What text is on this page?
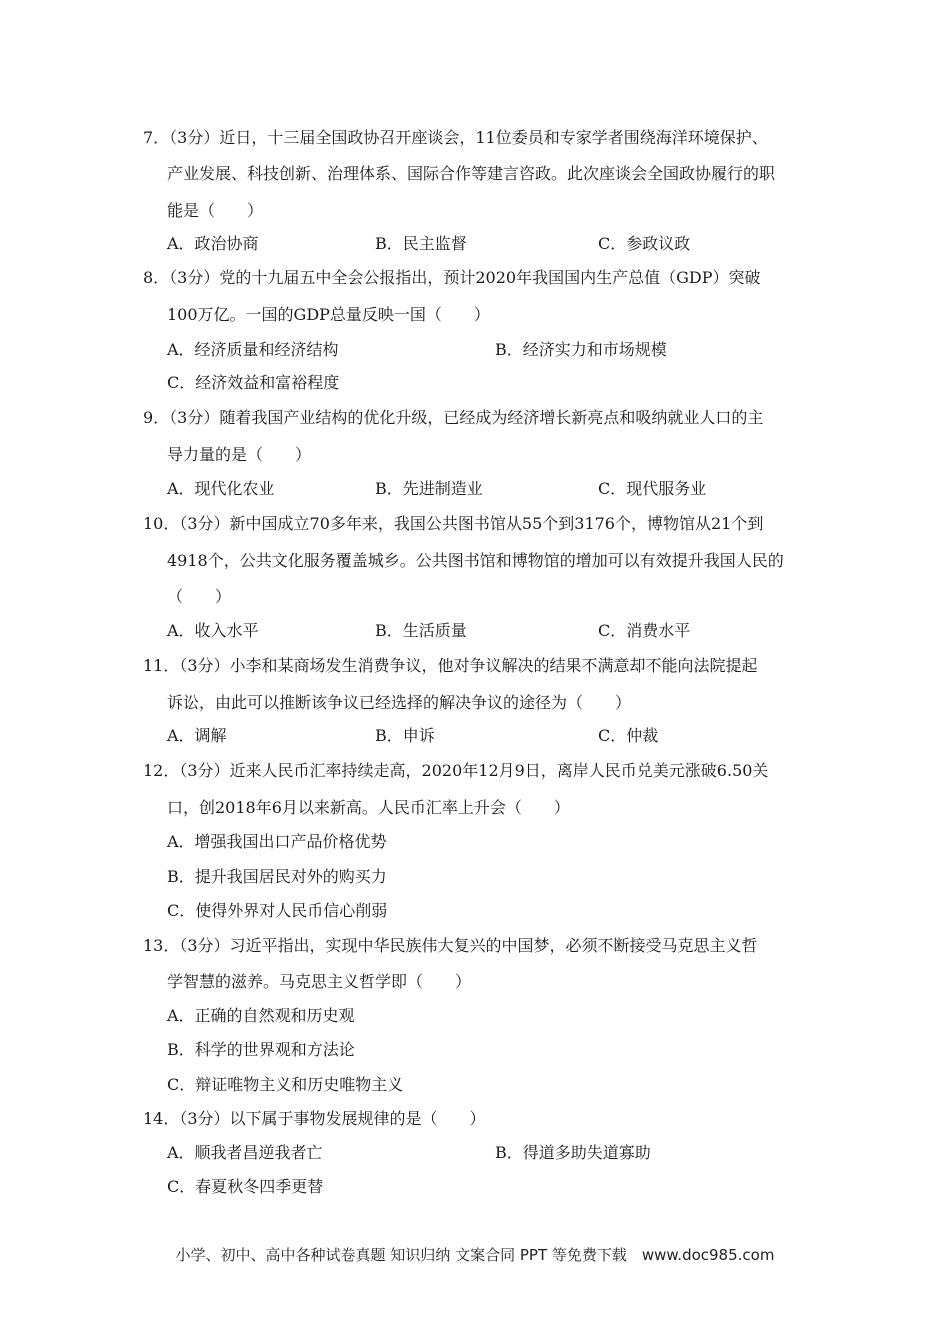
7．（3分）近日，十三届全国政协召开座谈会，11位委员和专家学者围绕海洋环境保护、
产业发展、科技创新、治理体系、国际合作等建言咨政。此次座谈会全国政协履行的职
能是（　　）
A．政治协商	B．民主监督	C．参政议政
8．（3分）党的十九届五中全会公报指出，预计2020年我国国内生产总值（GDP）突破
100万亿。一国的GDP总量反映一国（　　）
A．经济质量和经济结构	B．经济实力和市场规模
C．经济效益和富裕程度
9．（3分）随着我国产业结构的优化升级，已经成为经济增长新亮点和吸纳就业人口的主
导力量的是（　　）
A．现代化农业	B．先进制造业	C．现代服务业
10．（3分）新中国成立70多年来，我国公共图书馆从55个到3176个，博物馆从21个到
4918个，公共文化服务覆盖城乡。公共图书馆和博物馆的增加可以有效提升我国人民的
（　　）
A．收入水平	B．生活质量	C．消费水平
11．（3分）小李和某商场发生消费争议，他对争议解决的结果不满意却不能向法院提起
诉讼，由此可以推断该争议已经选择的解决争议的途径为（　　）
A．调解	B．申诉	C．仲裁
12．（3分）近来人民币汇率持续走高，2020年12月9日，离岸人民币兑美元涨破6.50关
口，创2018年6月以来新高。人民币汇率上升会（　　）
A．增强我国出口产品价格优势
B．提升我国居民对外的购买力
C．使得外界对人民币信心削弱
13．（3分）习近平指出，实现中华民族伟大复兴的中国梦，必须不断接受马克思主义哲
学智慧的滋养。马克思主义哲学即（　　）
A．正确的自然观和历史观
B．科学的世界观和方法论
C．辩证唯物主义和历史唯物主义
14．（3分）以下属于事物发展规律的是（　　）
A．顺我者昌逆我者亡	B．得道多助失道寡助
C．春夏秋冬四季更替
小学、初中、高中各种试卷真题 知识归纳 文案合同 PPT 等免费下载　www.doc985.com
